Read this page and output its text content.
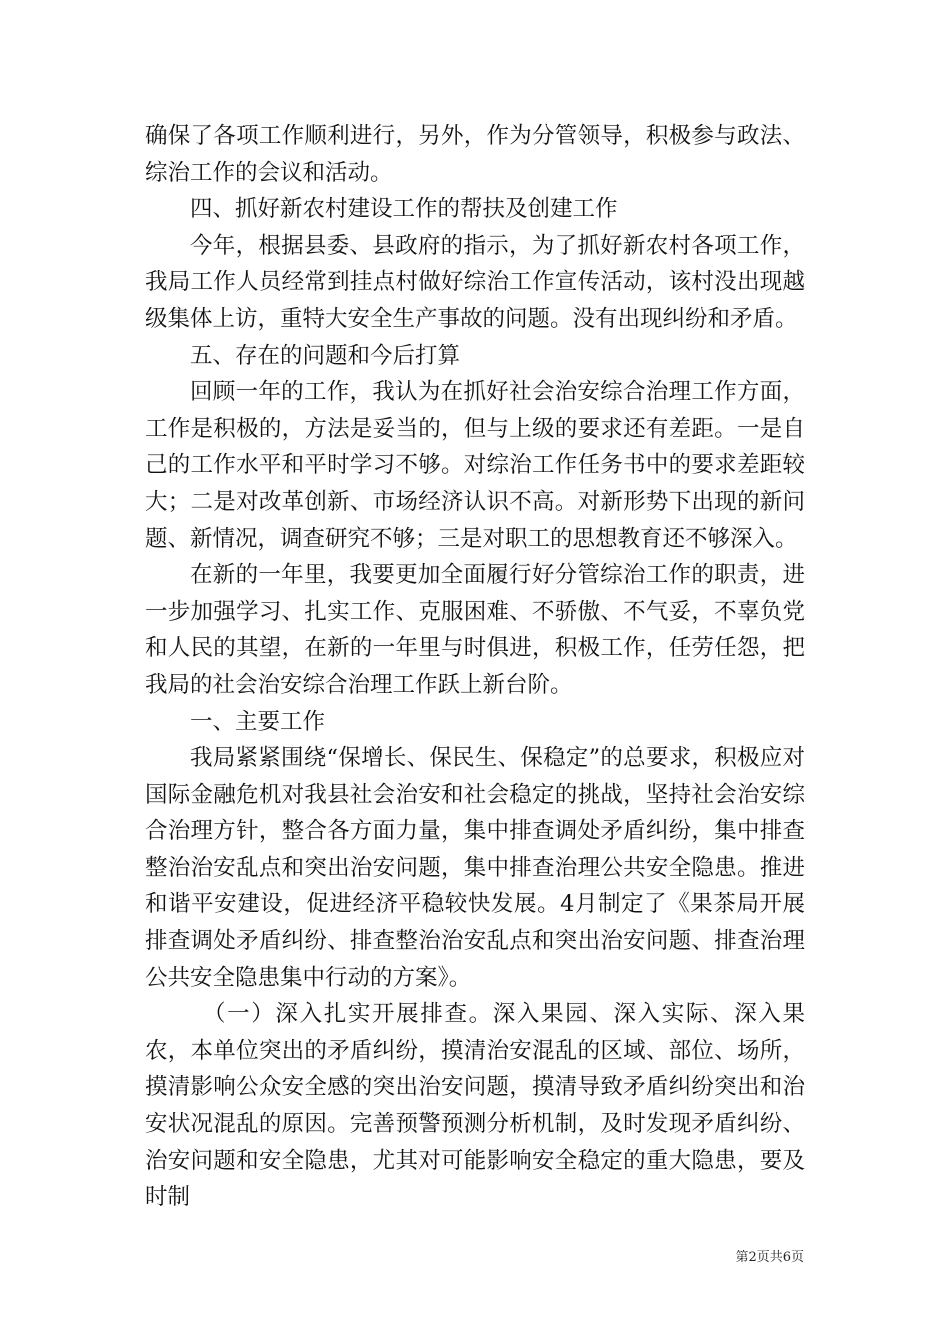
确保了各项工作顺利进行，另外，作为分管领导，积极参与政法、综治工作的会议和活动。

四、抓好新农村建设工作的帮扶及创建工作

今年，根据县委、县政府的指示，为了抓好新农村各项工作，我局工作人员经常到挂点村做好综治工作宣传活动，该村没出现越级集体上访，重特大安全生产事故的问题。没有出现纠纷和矛盾。

五、存在的问题和今后打算

回顾一年的工作，我认为在抓好社会治安综合治理工作方面，工作是积极的，方法是妥当的，但与上级的要求还有差距。一是自己的工作水平和平时学习不够。对综治工作任务书中的要求差距较大；二是对改革创新、市场经济认识不高。对新形势下出现的新问题、新情况，调查研究不够；三是对职工的思想教育还不够深入。

在新的一年里，我要更加全面履行好分管综治工作的职责，进一步加强学习、扎实工作、克服困难、不骄傲、不气妥，不辜负党和人民的其望，在新的一年里与时俱进，积极工作，任劳任怨，把我局的社会治安综合治理工作跃上新台阶。

一、主要工作

我局紧紧围绕“保增长、保民生、保稳定”的总要求，积极应对国际金融危机对我县社会治安和社会稳定的挑战，坚持社会治安综合治理方针，整合各方面力量，集中排查调处矛盾纠纷，集中排查整治治安乱点和突出治安问题，集中排查治理公共安全隐患。推进和谐平安建设，促进经济平稳较快发展。4月制定了《果茶局开展排查调处矛盾纠纷、排查整治治安乱点和突出治安问题、排查治理公共安全隐患集中行动的方案》。

（一）深入扎实开展排查。深入果园、深入实际、深入果农，本单位突出的矛盾纠纷，摸清治安混乱的区域、部位、场所，摸清影响公众安全感的突出治安问题，摸清导致矛盾纠纷突出和治安状况混乱的原因。完善预警预测分析机制，及时发现矛盾纠纷、治安问题和安全隐患，尤其对可能影响安全稳定的重大隐患，要及时制

第2页共6页
